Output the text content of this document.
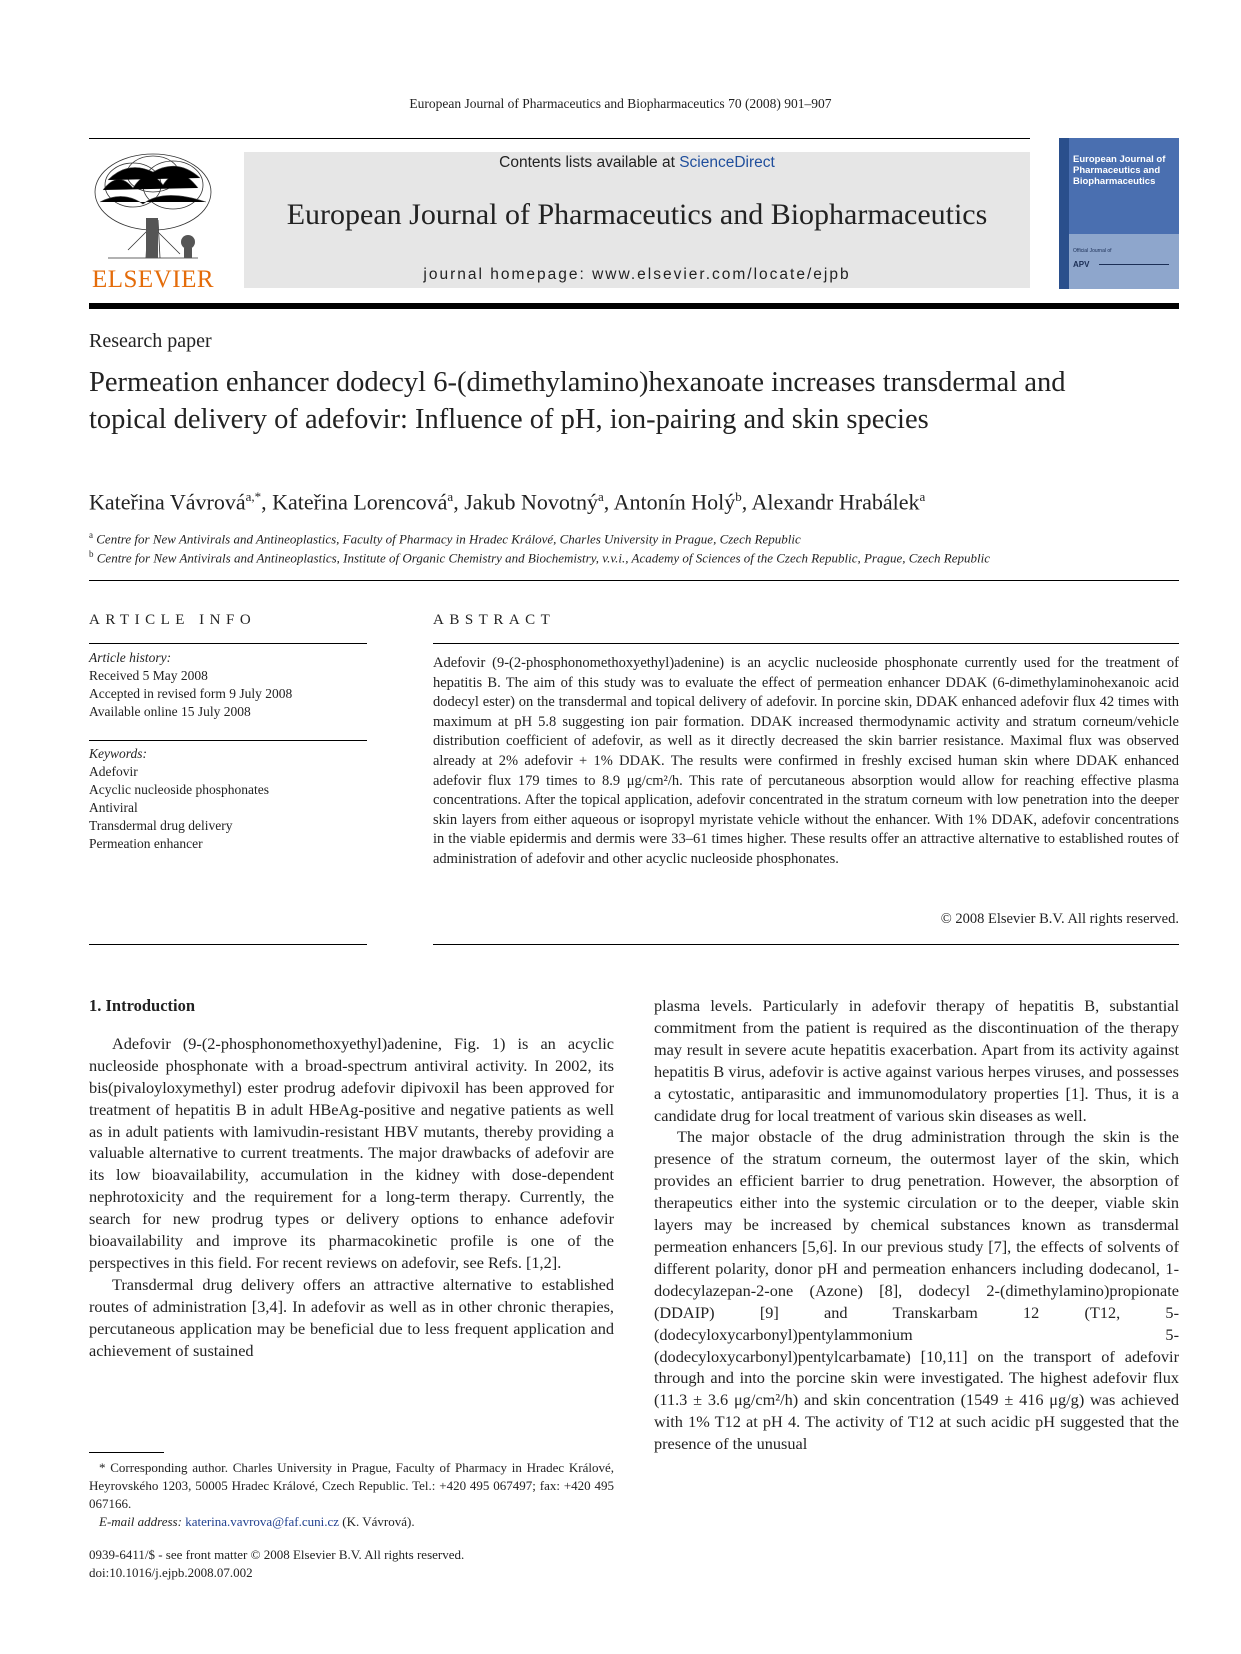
European Journal of Pharmaceutics and Biopharmaceutics 70 (2008) 901–907
ELSEVIER
Contents lists available at ScienceDirect
European Journal of Pharmaceutics and Biopharmaceutics
journal homepage: www.elsevier.com/locate/ejpb
European Journal of Pharmaceutics and Biopharmaceutics
Official Journal of
APV
Research paper
Permeation enhancer dodecyl 6-(dimethylamino)hexanoate increases transdermal and topical delivery of adefovir: Influence of pH, ion-pairing and skin species
Kateřina Vávrová$^{a,*}$, Kateřina Lorencová$^a$, Jakub Novotný$^a$, Antonín Holý$^b$, Alexandr Hrabálek$^a$
$^a$ Centre for New Antivirals and Antineoplastics, Faculty of Pharmacy in Hradec Králové, Charles University in Prague, Czech Republic
$^b$ Centre for New Antivirals and Antineoplastics, Institute of Organic Chemistry and Biochemistry, v.v.i., Academy of Sciences of the Czech Republic, Prague, Czech Republic
ARTICLE INFO
Article history:
Received 5 May 2008
Accepted in revised form 9 July 2008
Available online 15 July 2008
Keywords:
Adefovir
Acyclic nucleoside phosphonates
Antiviral
Transdermal drug delivery
Permeation enhancer
ABSTRACT
Adefovir (9-(2-phosphonomethoxyethyl)adenine) is an acyclic nucleoside phosphonate currently used for the treatment of hepatitis B. The aim of this study was to evaluate the effect of permeation enhancer DDAK (6-dimethylaminohexanoic acid dodecyl ester) on the transdermal and topical delivery of adefovir. In porcine skin, DDAK enhanced adefovir flux 42 times with maximum at pH 5.8 suggesting ion pair formation. DDAK increased thermodynamic activity and stratum corneum/vehicle distribution coefficient of adefovir, as well as it directly decreased the skin barrier resistance. Maximal flux was observed already at 2% adefovir + 1% DDAK. The results were confirmed in freshly excised human skin where DDAK enhanced adefovir flux 179 times to 8.9 μg/cm²/h. This rate of percutaneous absorption would allow for reaching effective plasma concentrations. After the topical application, adefovir concentrated in the stratum corneum with low penetration into the deeper skin layers from either aqueous or isopropyl myristate vehicle without the enhancer. With 1% DDAK, adefovir concentrations in the viable epidermis and dermis were 33–61 times higher. These results offer an attractive alternative to established routes of administration of adefovir and other acyclic nucleoside phosphonates.
© 2008 Elsevier B.V. All rights reserved.
1. Introduction

Adefovir (9-(2-phosphonomethoxyethyl)adenine, Fig. 1) is an acyclic nucleoside phosphonate with a broad-spectrum antiviral activity. In 2002, its bis(pivaloyloxymethyl) ester prodrug adefovir dipivoxil has been approved for treatment of hepatitis B in adult HBeAg-positive and negative patients as well as in adult patients with lamivudin-resistant HBV mutants, thereby providing a valuable alternative to current treatments. The major drawbacks of adefovir are its low bioavailability, accumulation in the kidney with dose-dependent nephrotoxicity and the requirement for a long-term therapy. Currently, the search for new prodrug types or delivery options to enhance adefovir bioavailability and improve its pharmacokinetic profile is one of the perspectives in this field. For recent reviews on adefovir, see Refs. [1,2].

Transdermal drug delivery offers an attractive alternative to established routes of administration [3,4]. In adefovir as well as in other chronic therapies, percutaneous application may be beneficial due to less frequent application and achievement of sustained

plasma levels. Particularly in adefovir therapy of hepatitis B, substantial commitment from the patient is required as the discontinuation of the therapy may result in severe acute hepatitis exacerbation. Apart from its activity against hepatitis B virus, adefovir is active against various herpes viruses, and possesses a cytostatic, antiparasitic and immunomodulatory properties [1]. Thus, it is a candidate drug for local treatment of various skin diseases as well.

The major obstacle of the drug administration through the skin is the presence of the stratum corneum, the outermost layer of the skin, which provides an efficient barrier to drug penetration. However, the absorption of therapeutics either into the systemic circulation or to the deeper, viable skin layers may be increased by chemical substances known as transdermal permeation enhancers [5,6]. In our previous study [7], the effects of solvents of different polarity, donor pH and permeation enhancers including dodecanol, 1-dodecylazepan-2-one (Azone) [8], dodecyl 2-(dimethylamino)propionate (DDAIP) [9] and Transkarbam 12 (T12, 5-(dodecyloxycarbonyl)pentylammonium 5-(dodecyloxycarbonyl)pentylcarbamate) [10,11] on the transport of adefovir through and into the porcine skin were investigated. The highest adefovir flux (11.3 ± 3.6 μg/cm²/h) and skin concentration (1549 ± 416 μg/g) was achieved with 1% T12 at pH 4. The activity of T12 at such acidic pH suggested that the presence of the unusual

* Corresponding author. Charles University in Prague, Faculty of Pharmacy in Hradec Králové, Heyrovského 1203, 50005 Hradec Králové, Czech Republic. Tel.: +420 495 067497; fax: +420 495 067166.
E-mail address: katerina.vavrova@faf.cuni.cz (K. Vávrová).
0939-6411/$ - see front matter © 2008 Elsevier B.V. All rights reserved.
doi:10.1016/j.ejpb.2008.07.002
